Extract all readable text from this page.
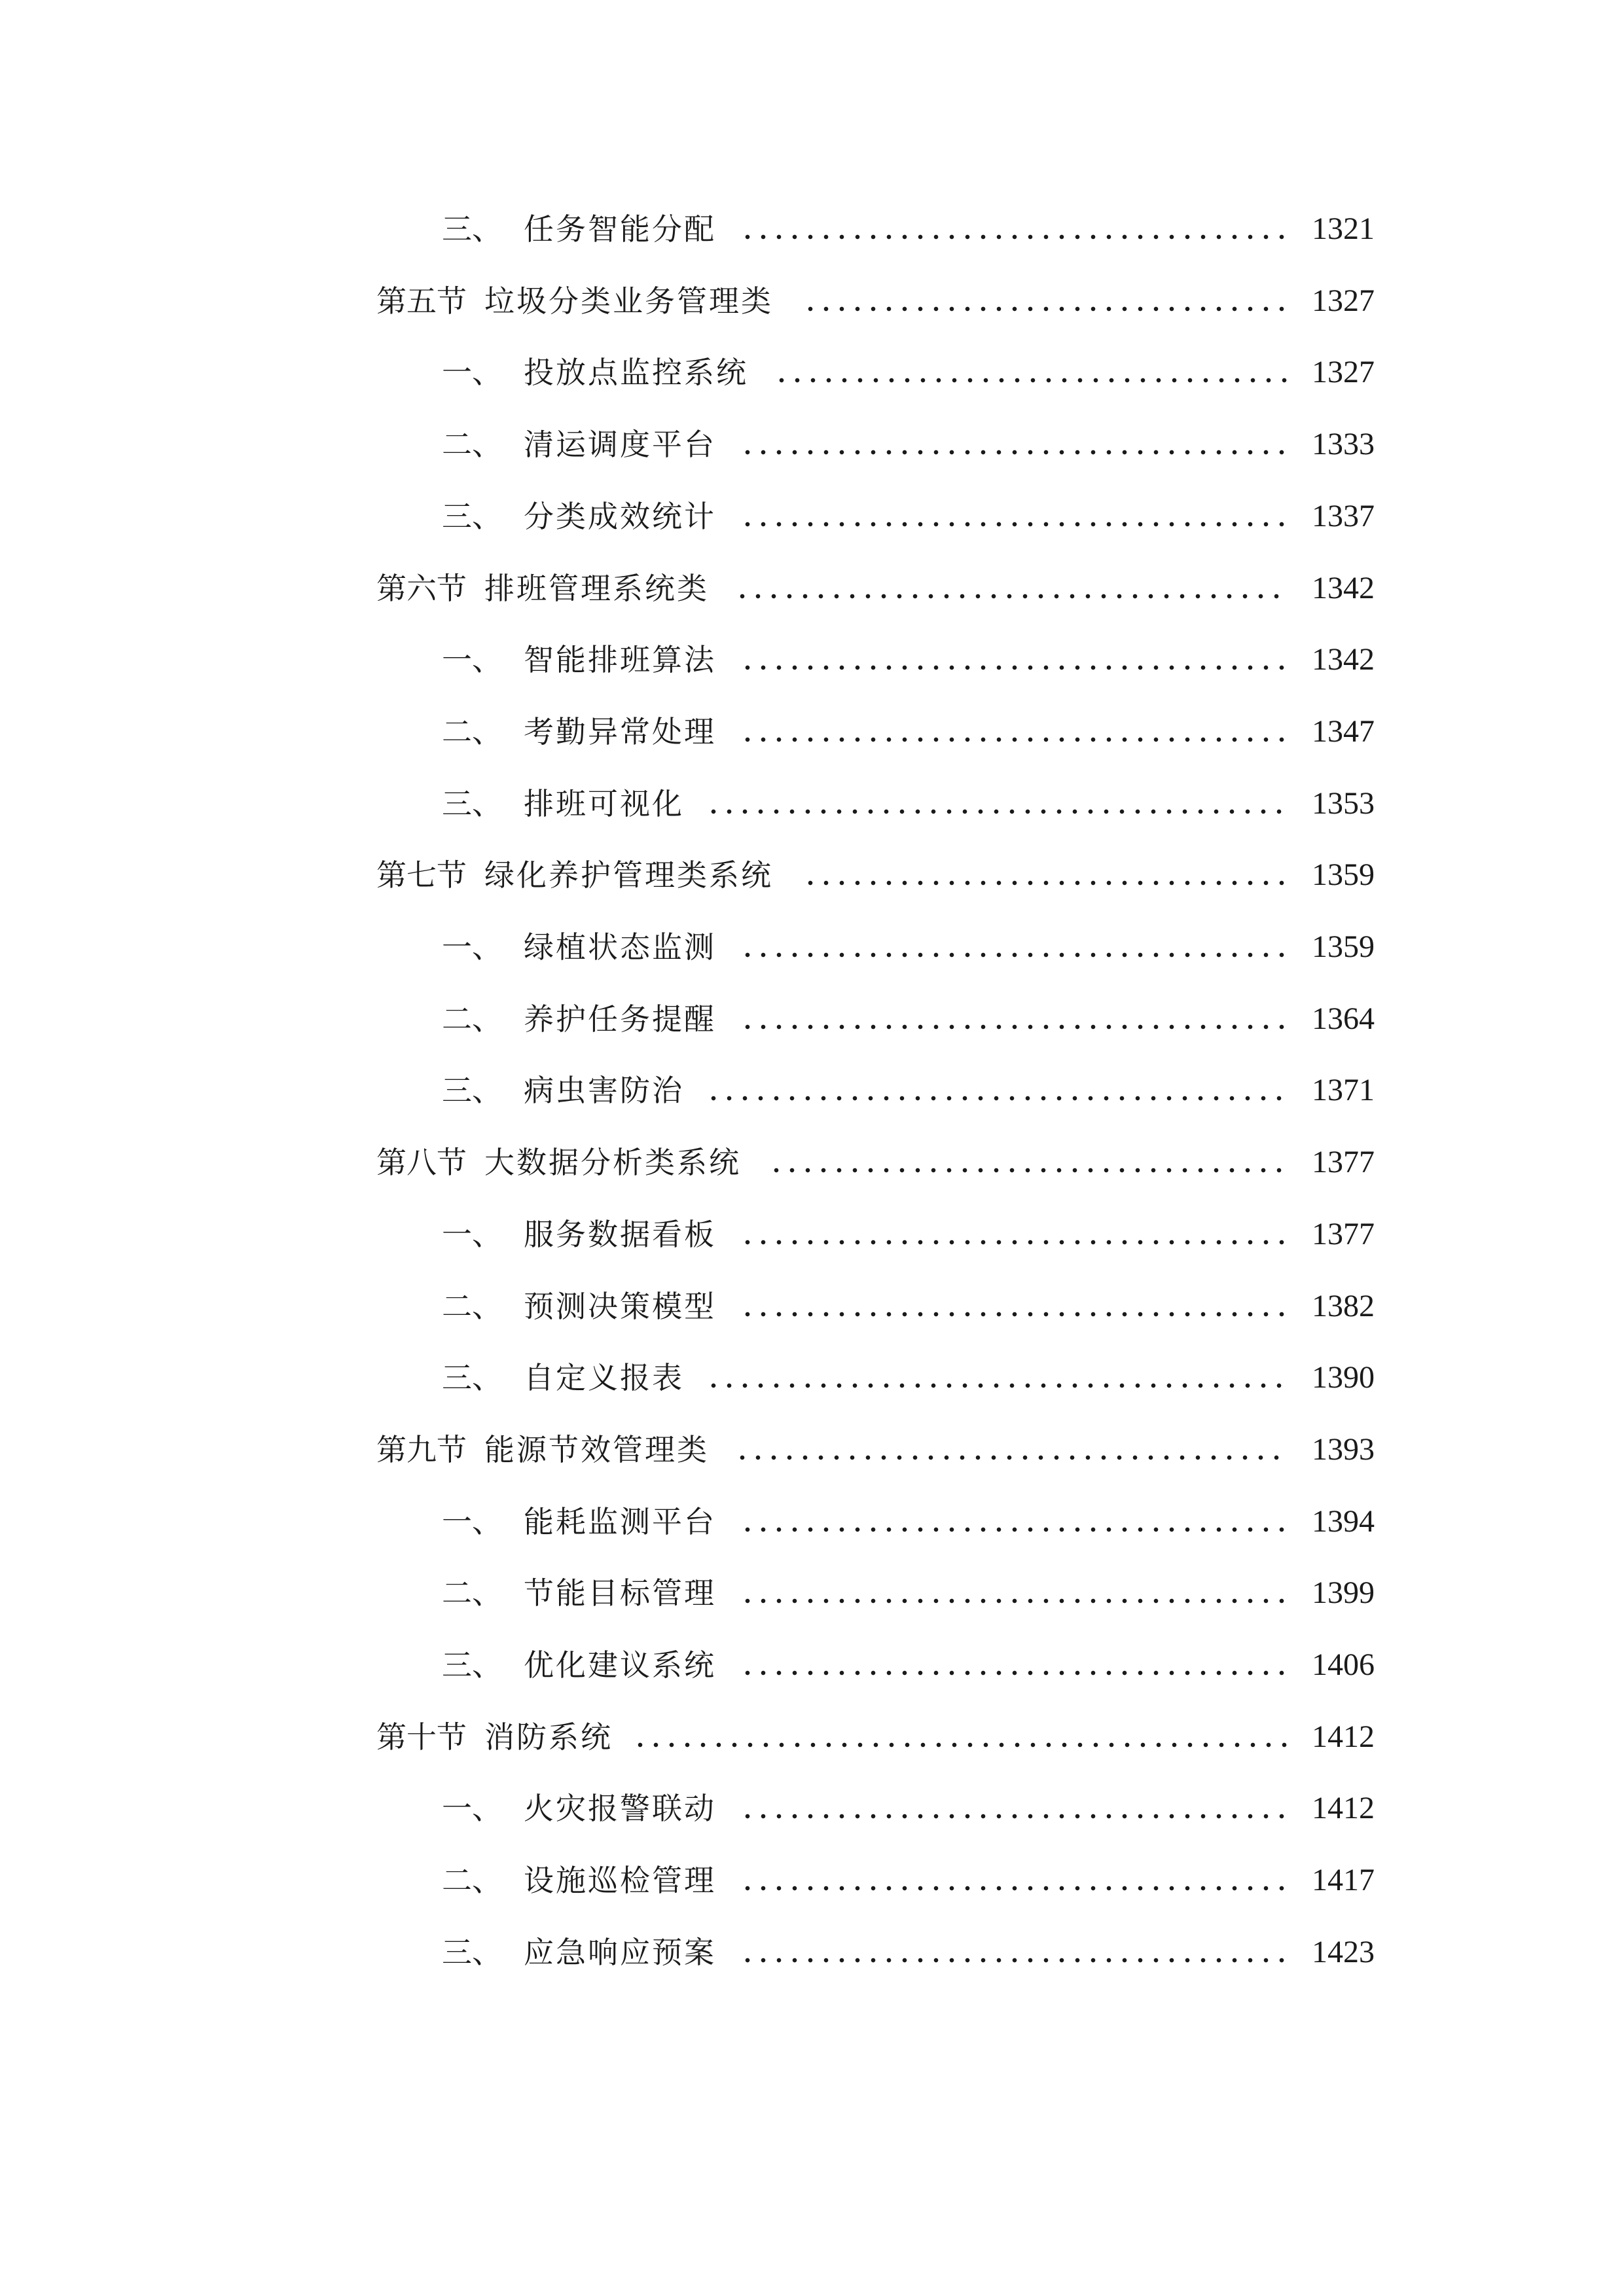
三、 任务智能分配	1321
第五节 垃圾分类业务管理类	1327
一、 投放点监控系统	1327
二、 清运调度平台	1333
三、 分类成效统计	1337
第六节 排班管理系统类	1342
一、 智能排班算法	1342
二、 考勤异常处理	1347
三、 排班可视化	1353
第七节 绿化养护管理类系统	1359
一、 绿植状态监测	1359
二、 养护任务提醒	1364
三、 病虫害防治	1371
第八节 大数据分析类系统	1377
一、 服务数据看板	1377
二、 预测决策模型	1382
三、 自定义报表	1390
第九节 能源节效管理类	1393
一、 能耗监测平台	1394
二、 节能目标管理	1399
三、 优化建议系统	1406
第十节 消防系统	1412
一、 火灾报警联动	1412
二、 设施巡检管理	1417
三、 应急响应预案	1423
